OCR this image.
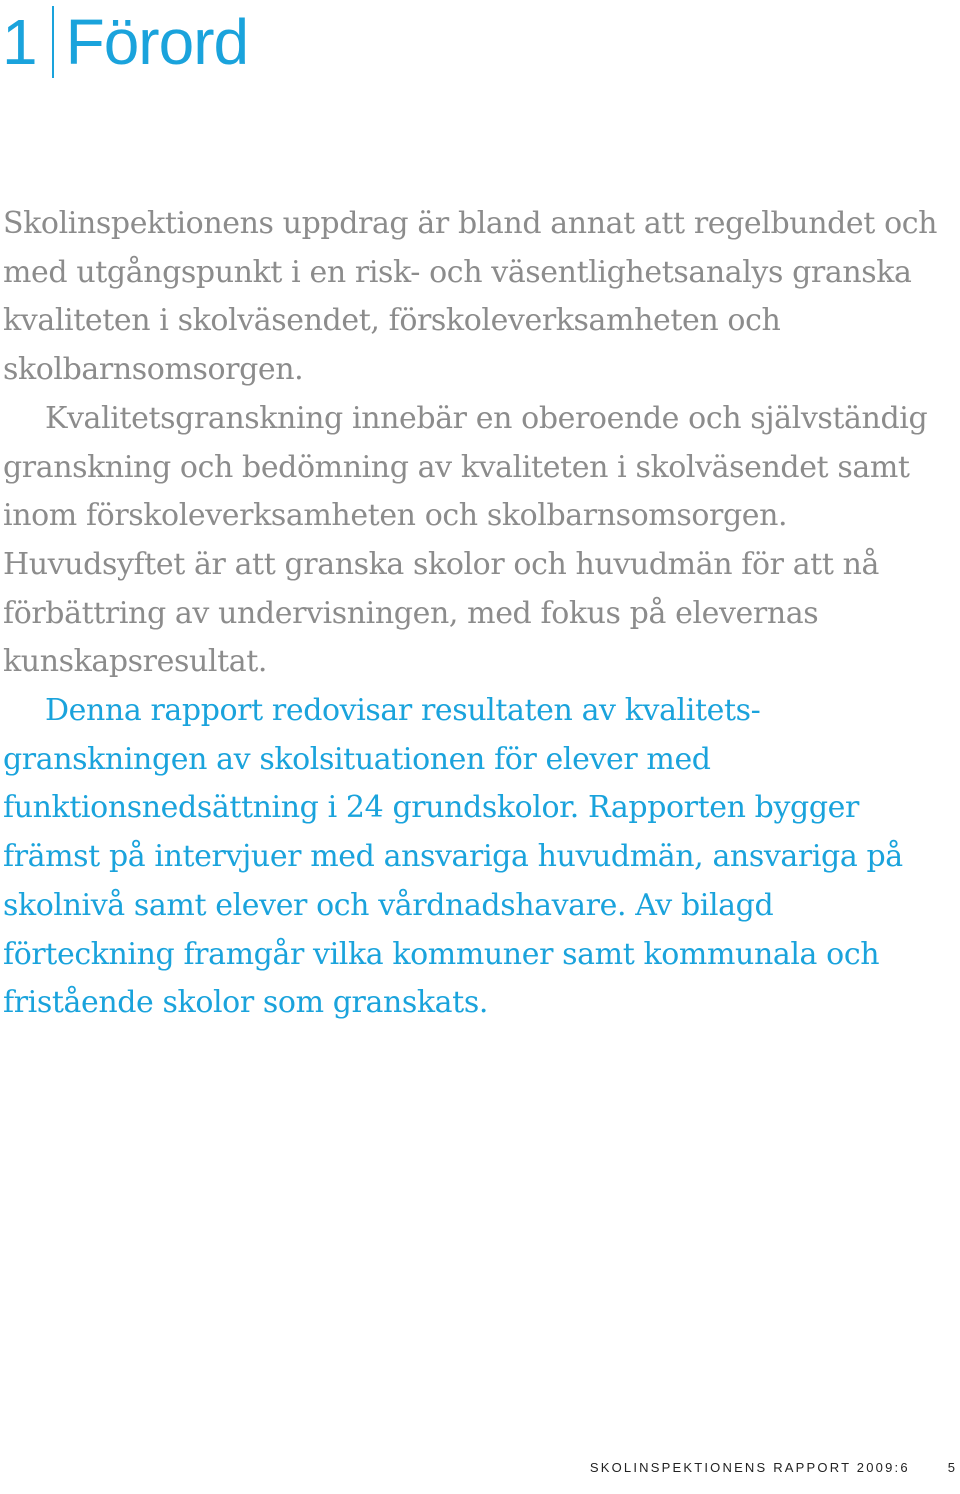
1 Förord

Skolinspektionens uppdrag är bland annat att regelbundet och med utgångspunkt i en risk- och väsentlighetsanalys granska kvaliteten i skolväsendet, förskoleverksamheten och skolbarnsomsorgen.

Kvalitetsgranskning innebär en oberoende och självständig granskning och bedömning av kvaliteten i skolväsendet samt inom förskoleverksamheten och skolbarnsomsorgen. Huvudsyftet är att granska skolor och huvudmän för att nå förbättring av undervisningen, med fokus på elevernas kunskapsresultat.

Denna rapport redovisar resultaten av kvalitets-granskningen av skolsituationen för elever med funktionsnedsättning i 24 grundskolor. Rapporten bygger främst på intervjuer med ansvariga huvudmän, ansvariga på skolnivå samt elever och vårdnadshavare. Av bilagd förteckning framgår vilka kommuner samt kommunala och fristående skolor som granskats.

SKOLINSPEKTIONENS RAPPORT 2009:6	5
